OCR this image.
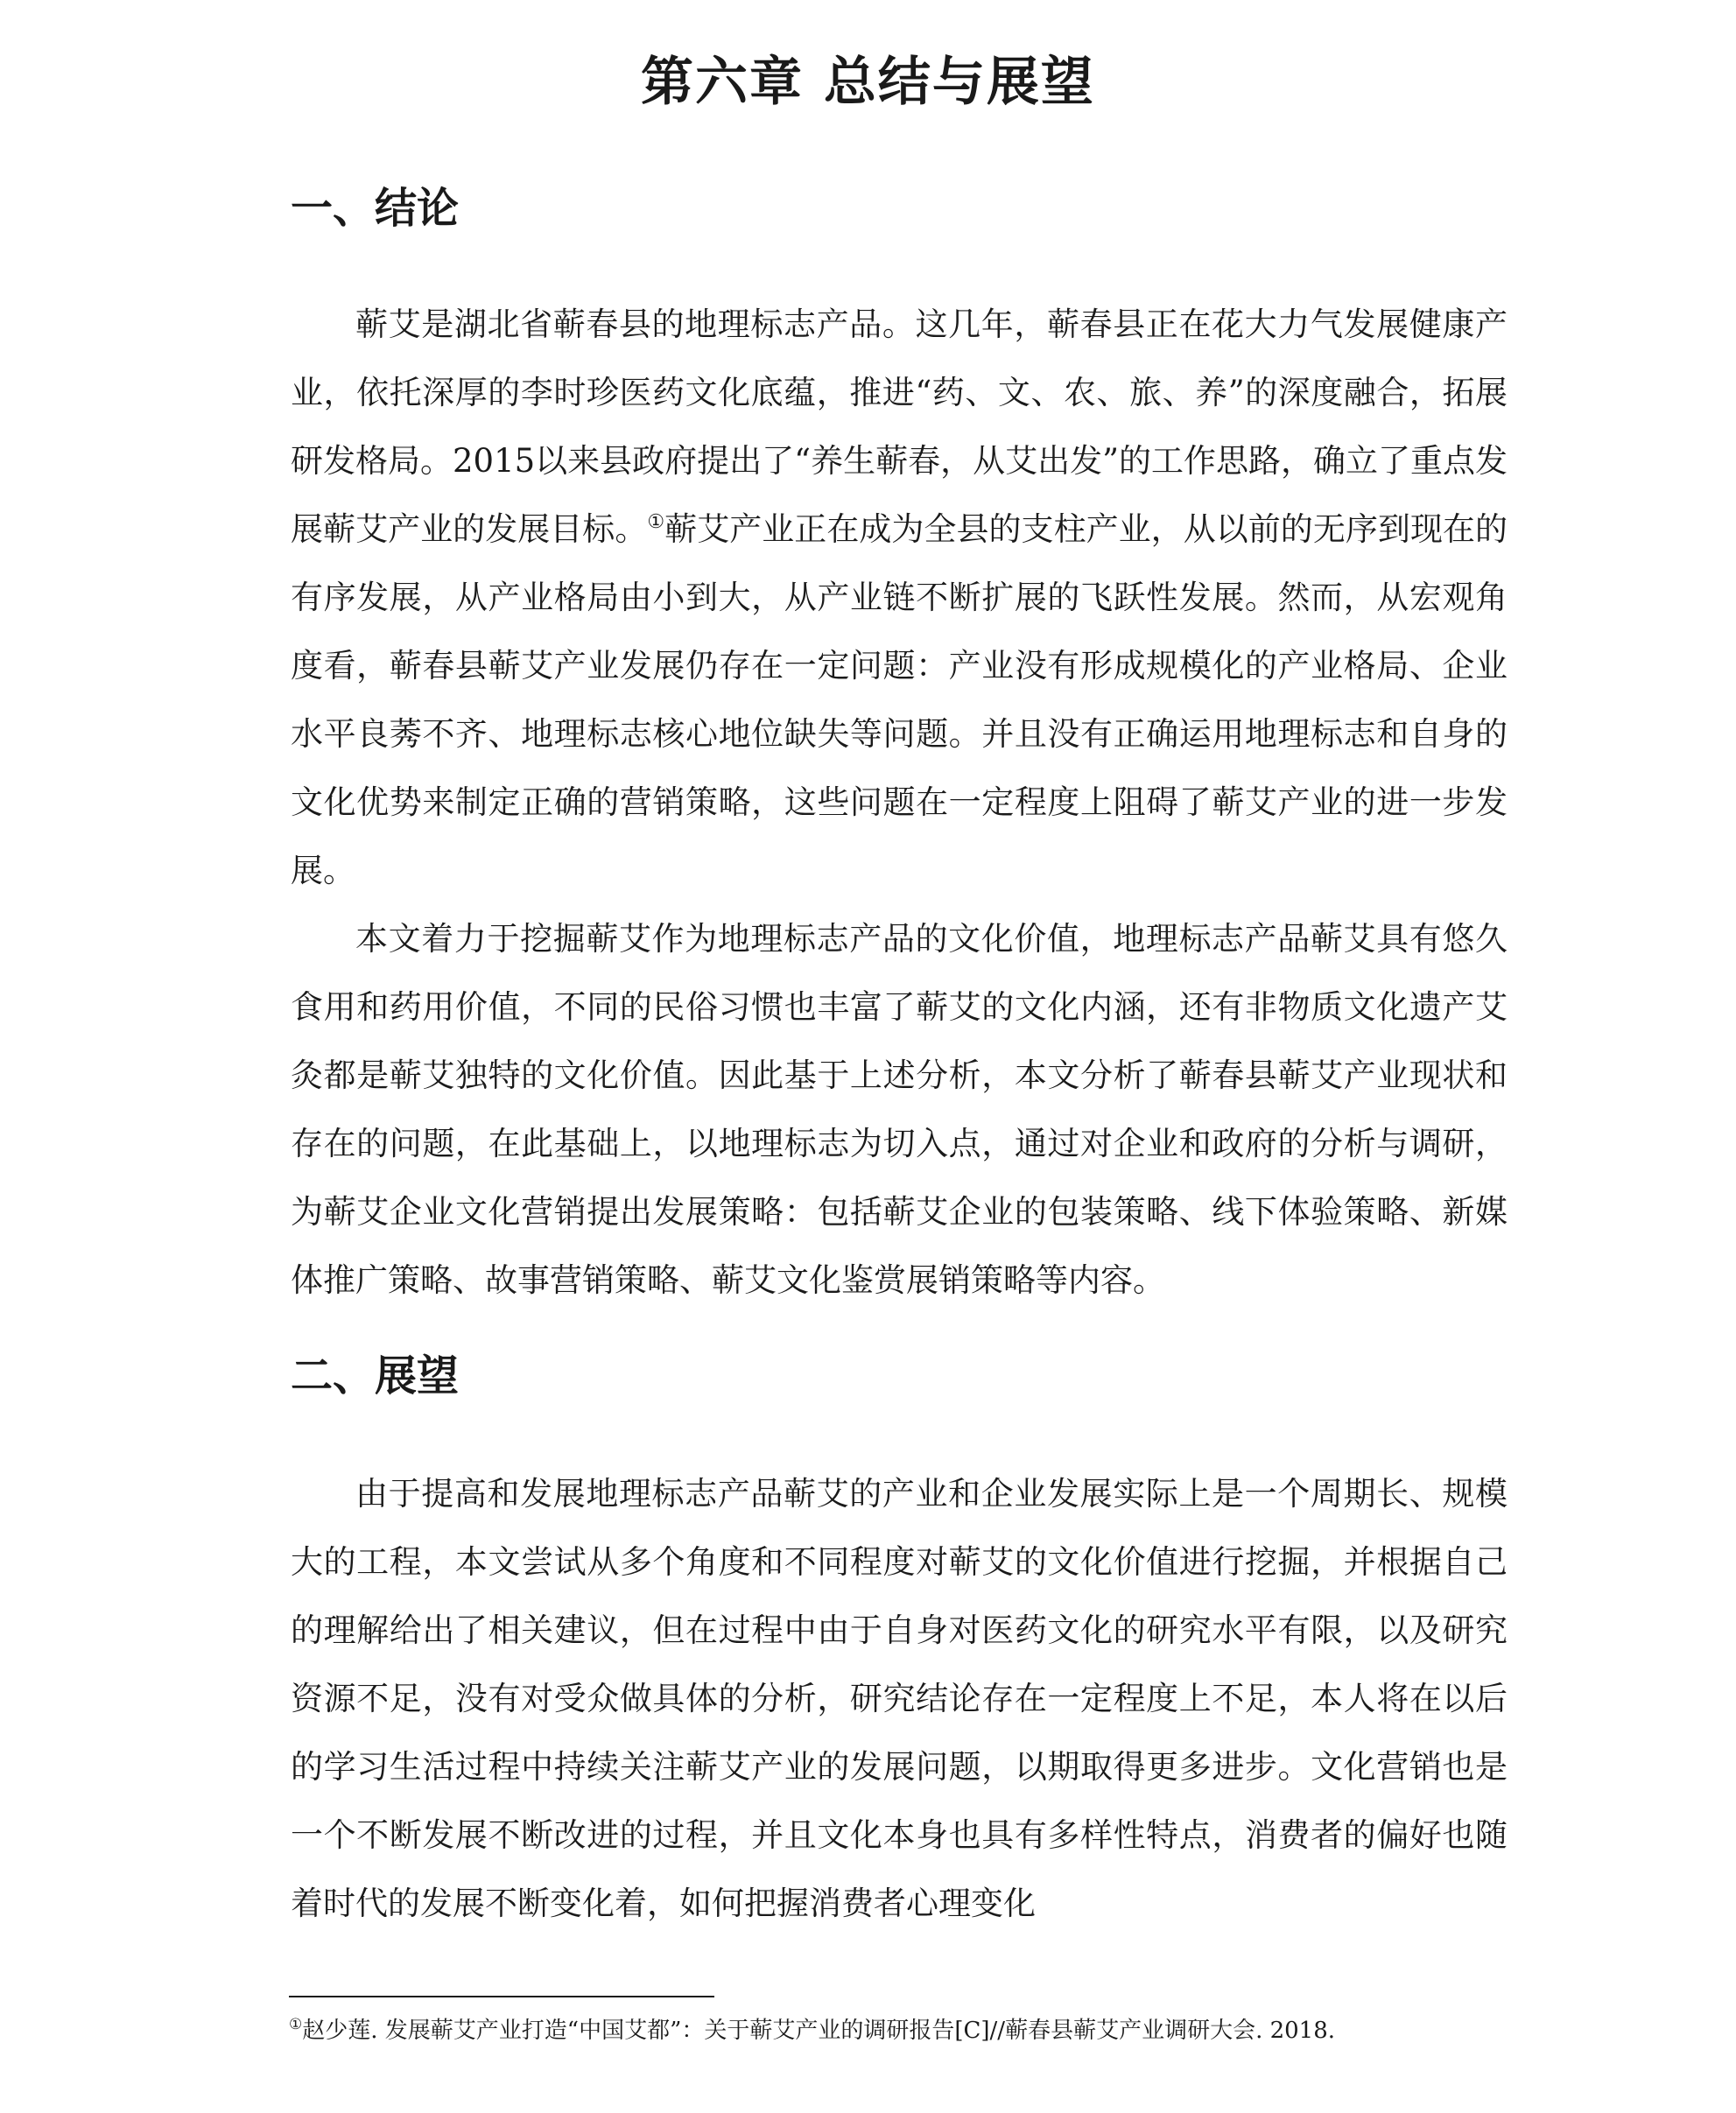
第六章 总结与展望
一、结论

蕲艾是湖北省蕲春县的地理标志产品。这几年，蕲春县正在花大力气发展健康产业，依托深厚的李时珍医药文化底蕴，推进“药、文、农、旅、养”的深度融合，拓展研发格局。2015以来县政府提出了“养生蕲春，从艾出发”的工作思路，确立了重点发展蕲艾产业的发展目标。①蕲艾产业正在成为全县的支柱产业，从以前的无序到现在的有序发展，从产业格局由小到大，从产业链不断扩展的飞跃性发展。然而，从宏观角度看，蕲春县蕲艾产业发展仍存在一定问题：产业没有形成规模化的产业格局、企业水平良莠不齐、地理标志核心地位缺失等问题。并且没有正确运用地理标志和自身的文化优势来制定正确的营销策略，这些问题在一定程度上阻碍了蕲艾产业的进一步发展。

本文着力于挖掘蕲艾作为地理标志产品的文化价值，地理标志产品蕲艾具有悠久食用和药用价值，不同的民俗习惯也丰富了蕲艾的文化内涵，还有非物质文化遗产艾灸都是蕲艾独特的文化价值。因此基于上述分析，本文分析了蕲春县蕲艾产业现状和存在的问题，在此基础上，以地理标志为切入点，通过对企业和政府的分析与调研，为蕲艾企业文化营销提出发展策略：包括蕲艾企业的包装策略、线下体验策略、新媒体推广策略、故事营销策略、蕲艾文化鉴赏展销策略等内容。

二、展望

由于提高和发展地理标志产品蕲艾的产业和企业发展实际上是一个周期长、规模大的工程，本文尝试从多个角度和不同程度对蕲艾的文化价值进行挖掘，并根据自己的理解给出了相关建议，但在过程中由于自身对医药文化的研究水平有限，以及研究资源不足，没有对受众做具体的分析，研究结论存在一定程度上不足，本人将在以后的学习生活过程中持续关注蕲艾产业的发展问题，以期取得更多进步。文化营销也是一个不断发展不断改进的过程，并且文化本身也具有多样性特点，消费者的偏好也随着时代的发展不断变化着，如何把握消费者心理变化

①赵少莲. 发展蕲艾产业打造“中国艾都”：关于蕲艾产业的调研报告[C]//蕲春县蕲艾产业调研大会. 2018.
